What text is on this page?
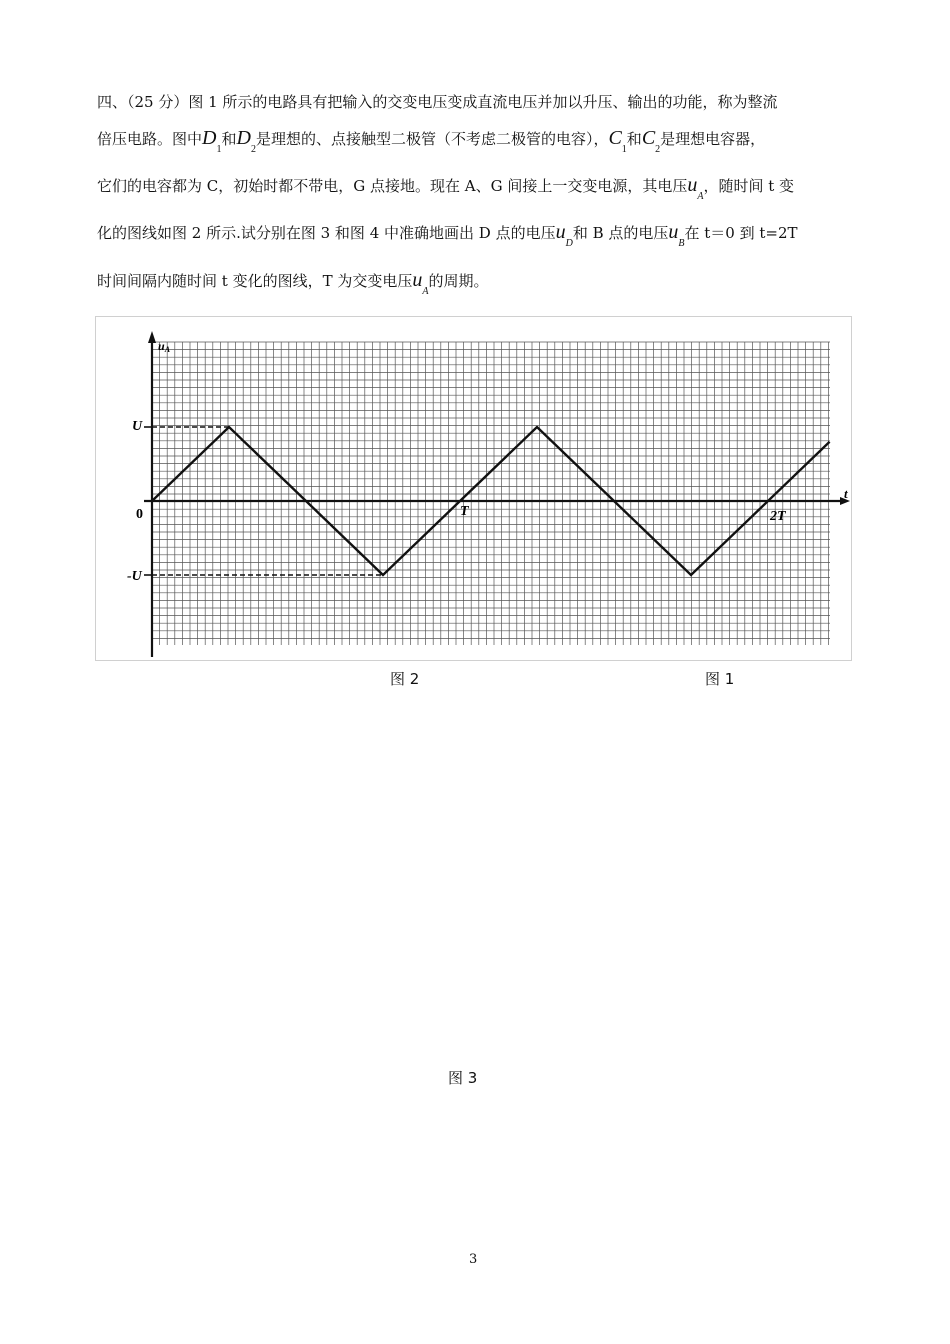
四、（25 分）图 1 所示的电路具有把输入的交变电压变成直流电压并加以升压、输出的功能，称为整流
倍压电路。图中$D_1$和$D_2$是理想的、点接触型二极管（不考虑二极管的电容），$C_1$和$C_2$是理想电容器，
它们的电容都为 C，初始时都不带电，G 点接地。现在 A、G 间接上一交变电源，其电压$u_A$，随时间 t 变
化的图线如图 2 所示.试分别在图 3 和图 4 中准确地画出 D 点的电压$u_D$和 B 点的电压$u_B$在 t＝0 到 t=2T
时间间隔内随时间 t 变化的图线，T 为交变电压$u_A$的周期。
uA
t
0
U
-U
T	2T
图 2	图 1
图 3
3
